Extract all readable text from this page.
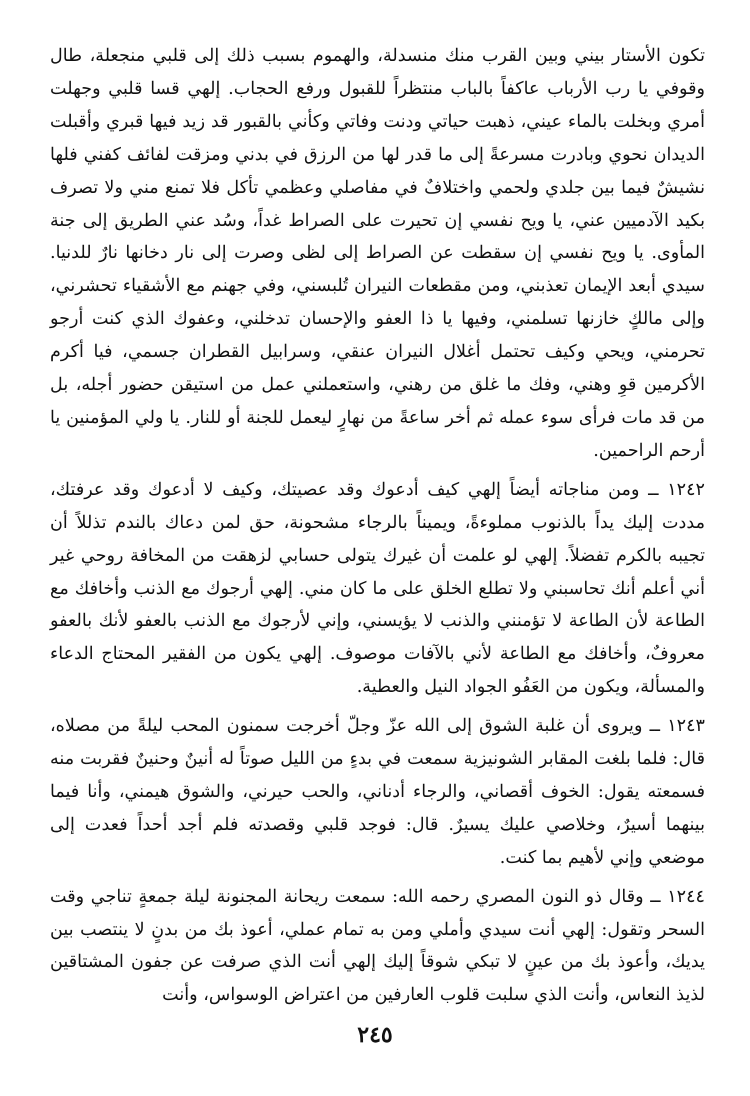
تكون الأستار بيني وبين القرب منك منسدلة، والهموم بسبب ذلك إلى قلبي منجعلة، طال وقوفي يا رب الأرباب عاكفاً بالباب منتظراً للقبول ورفع الحجاب. إلهي قسا قلبي وجهلت أمري وبخلت بالماء عيني، ذهبت حياتي ودنت وفاتي وكأني بالقبور قد زيد فيها قبري وأقبلت الديدان نحوي وبادرت مسرعةً إلى ما قدر لها من الرزق في بدني ومزقت لفائف كفني فلها نشيشٌ فيما بين جلدي ولحمي واختلافٌ في مفاصلي وعظمي تأكل فلا تمنع مني ولا تصرف بكيد الآدميين عني، يا ويح نفسي إن تحيرت على الصراط غداً، وسُد عني الطريق إلى جنة المأوى. يا ويح نفسي إن سقطت عن الصراط إلى لظى وصرت إلى نار دخانها نارٌ للدنيا. سيدي أبعد الإيمان تعذبني، ومن مقطعات النيران تُلبسني، وفي جهنم مع الأشقياء تحشرني، وإلى مالكٍ خازنها تسلمني، وفيها يا ذا العفو والإحسان تدخلني، وعفوك الذي كنت أرجو تحرمني، ويحي وكيف تحتمل أغلال النيران عنقي، وسرابيل القطران جسمي، فيا أكرم الأكرمين قوِ وهني، وفك ما غلق من رهني، واستعملني عمل من استيقن حضور أجله، بل من قد مات فرأى سوء عمله ثم أخر ساعةً من نهارٍ ليعمل للجنة أو للنار. يا ولي المؤمنين يا أرحم الراحمين.

١٢٤٢ ــ ومن مناجاته أيضاً إلهي كيف أدعوك وقد عصيتك، وكيف لا أدعوك وقد عرفتك، مددت إليك يداً بالذنوب مملوءةً، ويميناً بالرجاء مشحونة، حق لمن دعاك بالندم تذللاً أن تجيبه بالكرم تفضلاً. إلهي لو علمت أن غيرك يتولى حسابي لزهقت من المخافة روحي غير أني أعلم أنك تحاسبني ولا تطلع الخلق على ما كان مني. إلهي أرجوك مع الذنب وأخافك مع الطاعة لأن الطاعة لا تؤمنني والذنب لا يؤيسني، وإني لأرجوك مع الذنب بالعفو لأنك بالعفو معروفٌ، وأخافك مع الطاعة لأني بالآفات موصوف. إلهي يكون من الفقير المحتاج الدعاء والمسألة، ويكون من العَفُو الجواد النيل والعطية.

١٢٤٣ ــ ويروى أن غلبة الشوق إلى الله عزّ وجلّ أخرجت سمنون المحب ليلةً من مصلاه، قال: فلما بلغت المقابر الشونيزية سمعت في بدءٍ من الليل صوتاً له أنينٌ وحنينٌ فقربت منه فسمعته يقول: الخوف أقصاني، والرجاء أدناني، والحب حيرني، والشوق هيمني، وأنا فيما بينهما أسيرٌ، وخلاصي عليك يسيرٌ. قال: فوجد قلبي وقصدته فلم أجد أحداً فعدت إلى موضعي وإني لأهيم بما كنت.

١٢٤٤ ــ وقال ذو النون المصري رحمه الله: سمعت ريحانة المجنونة ليلة جمعةٍ تناجي وقت السحر وتقول: إلهي أنت سيدي وأملي ومن به تمام عملي، أعوذ بك من بدنٍ لا ينتصب بين يديك، وأعوذ بك من عينٍ لا تبكي شوقاً إليك إلهي أنت الذي صرفت عن جفون المشتاقين لذيذ النعاس، وأنت الذي سلبت قلوب العارفين من اعتراض الوسواس، وأنت

٢٤٥
